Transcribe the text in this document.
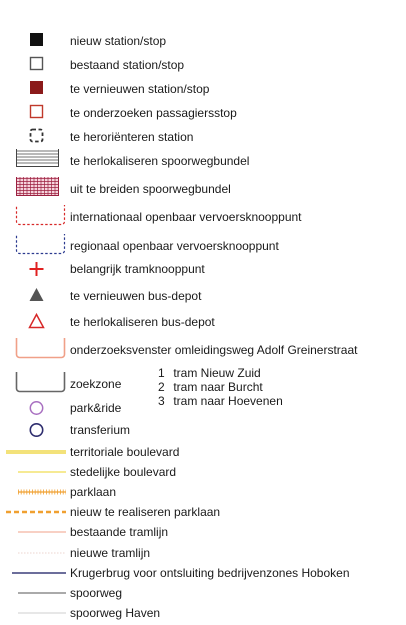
nieuw station/stop
bestaand station/stop
te vernieuwen station/stop
te onderzoeken passagiersstop
te heroriënteren station
te herlokaliseren spoorwegbundel
uit te breiden spoorwegbundel
internationaal openbaar vervoersknooppunt
regionaal openbaar vervoersknooppunt
belangrijk tramknooppunt
te vernieuwen bus-depot
te herlokaliseren bus-depot
onderzoeksvenster omleidingsweg Adolf Greinerstraat
zoekzone
park&ride
transferium
territoriale boulevard
stedelijke boulevard
parklaan
nieuw te realiseren parklaan
bestaande tramlijn
nieuwe tramlijn
Krugerbrug voor ontsluiting bedrijvenzones Hoboken
spoorweg
spoorweg Haven
1 tram Nieuw Zuid
2 tram naar Burcht
3 tram naar Hoevenen
